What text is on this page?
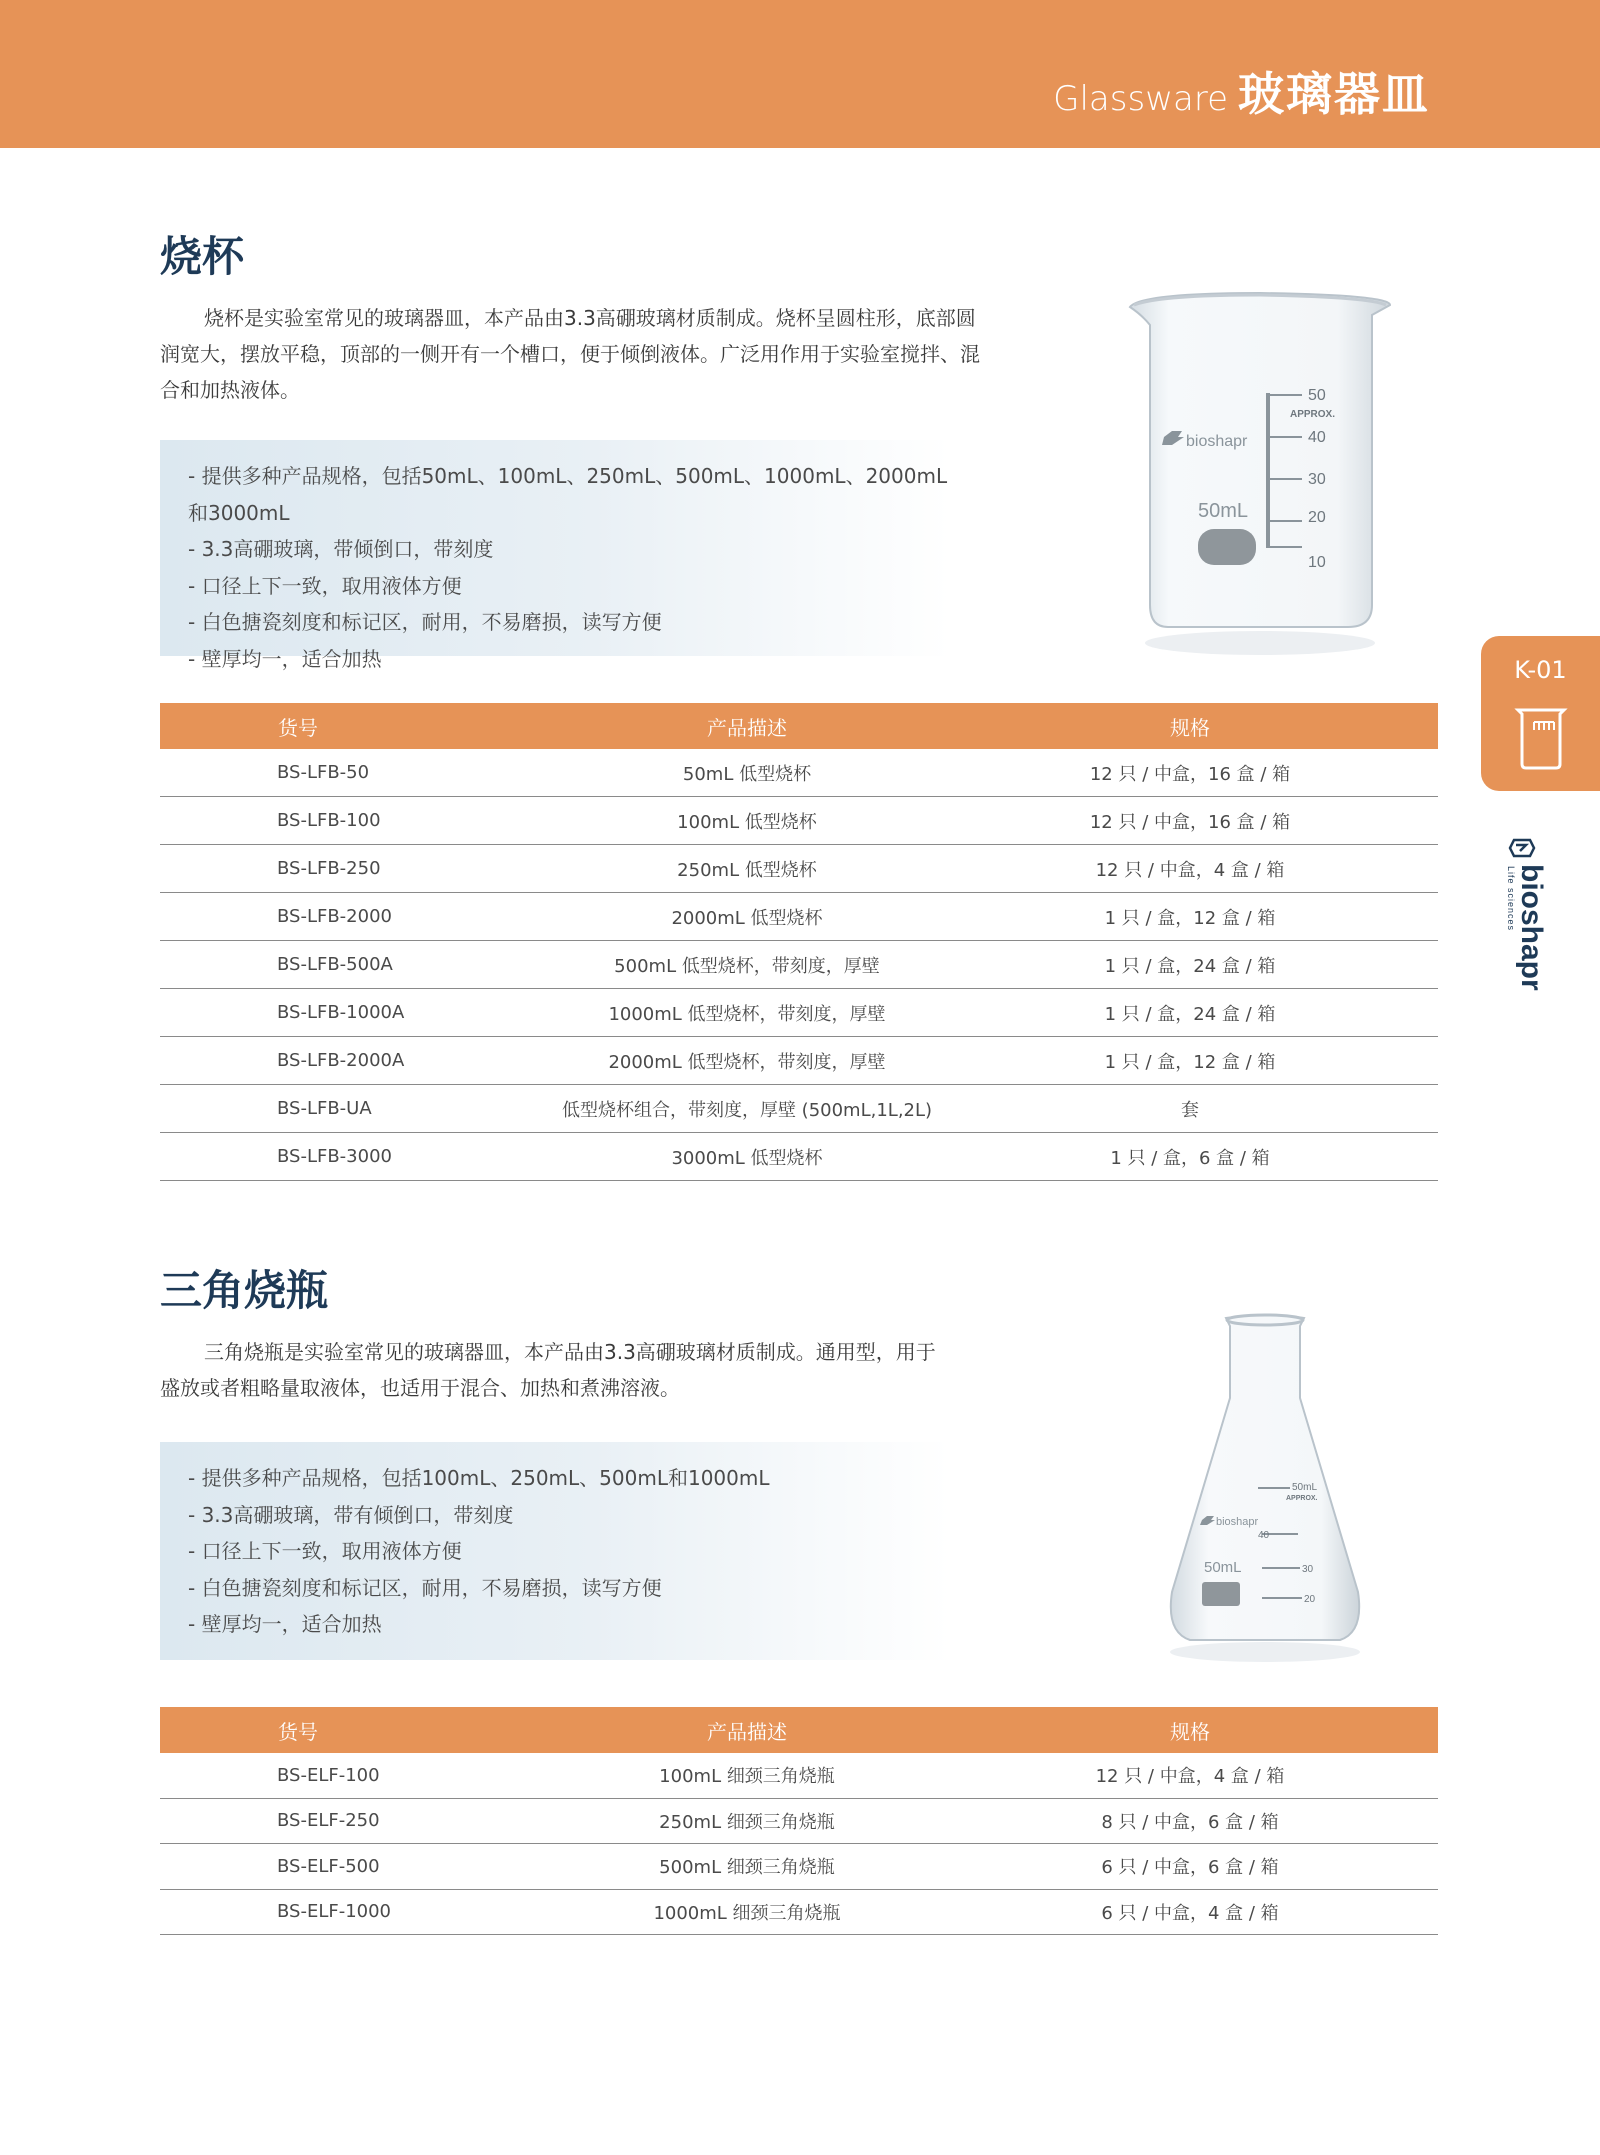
Glassware 玻璃器皿
K-01
bioshapr
Life sciences
烧杯
烧杯是实验室常见的玻璃器皿，本产品由3.3高硼玻璃材质制成。烧杯呈圆柱形，底部圆
润宽大，摆放平稳，顶部的一侧开有一个槽口，便于倾倒液体。广泛用作用于实验室搅拌、混
合和加热液体。
- 提供多种产品规格，包括50mL、100mL、250mL、500mL、1000mL、2000mL和3000mL
- 3.3高硼玻璃，带倾倒口，带刻度
- 口径上下一致，取用液体方便
- 白色搪瓷刻度和标记区，耐用，不易磨损，读写方便
- 壁厚均一，适合加热
50
APPROX.
40
30
20
10
bioshapr
50mL
货号	产品描述	规格
BS-LFB-50	50mL 低型烧杯	12 只 / 中盒，16 盒 / 箱
BS-LFB-100	100mL 低型烧杯	12 只 / 中盒，16 盒 / 箱
BS-LFB-250	250mL 低型烧杯	12 只 / 中盒，4 盒 / 箱
BS-LFB-2000	2000mL 低型烧杯	1 只 / 盒，12 盒 / 箱
BS-LFB-500A	500mL 低型烧杯，带刻度，厚壁	1 只 / 盒，24 盒 / 箱
BS-LFB-1000A	1000mL 低型烧杯，带刻度，厚壁	1 只 / 盒，24 盒 / 箱
BS-LFB-2000A	2000mL 低型烧杯，带刻度，厚壁	1 只 / 盒，12 盒 / 箱
BS-LFB-UA	低型烧杯组合，带刻度，厚壁 (500mL,1L,2L)	套
BS-LFB-3000	3000mL 低型烧杯	1 只 / 盒，6 盒 / 箱
三角烧瓶
三角烧瓶是实验室常见的玻璃器皿，本产品由3.3高硼玻璃材质制成。通用型，用于
盛放或者粗略量取液体，也适用于混合、加热和煮沸溶液。
- 提供多种产品规格，包括100mL、250mL、500mL和1000mL
- 3.3高硼玻璃，带有倾倒口，带刻度
- 口径上下一致，取用液体方便
- 白色搪瓷刻度和标记区，耐用，不易磨损，读写方便
- 壁厚均一，适合加热
50mL
APPROX.
40
30
20
bioshapr
50mL
货号	产品描述	规格
BS-ELF-100	100mL 细颈三角烧瓶	12 只 / 中盒，4 盒 / 箱
BS-ELF-250	250mL 细颈三角烧瓶	8 只 / 中盒，6 盒 / 箱
BS-ELF-500	500mL 细颈三角烧瓶	6 只 / 中盒，6 盒 / 箱
BS-ELF-1000	1000mL 细颈三角烧瓶	6 只 / 中盒，4 盒 / 箱
